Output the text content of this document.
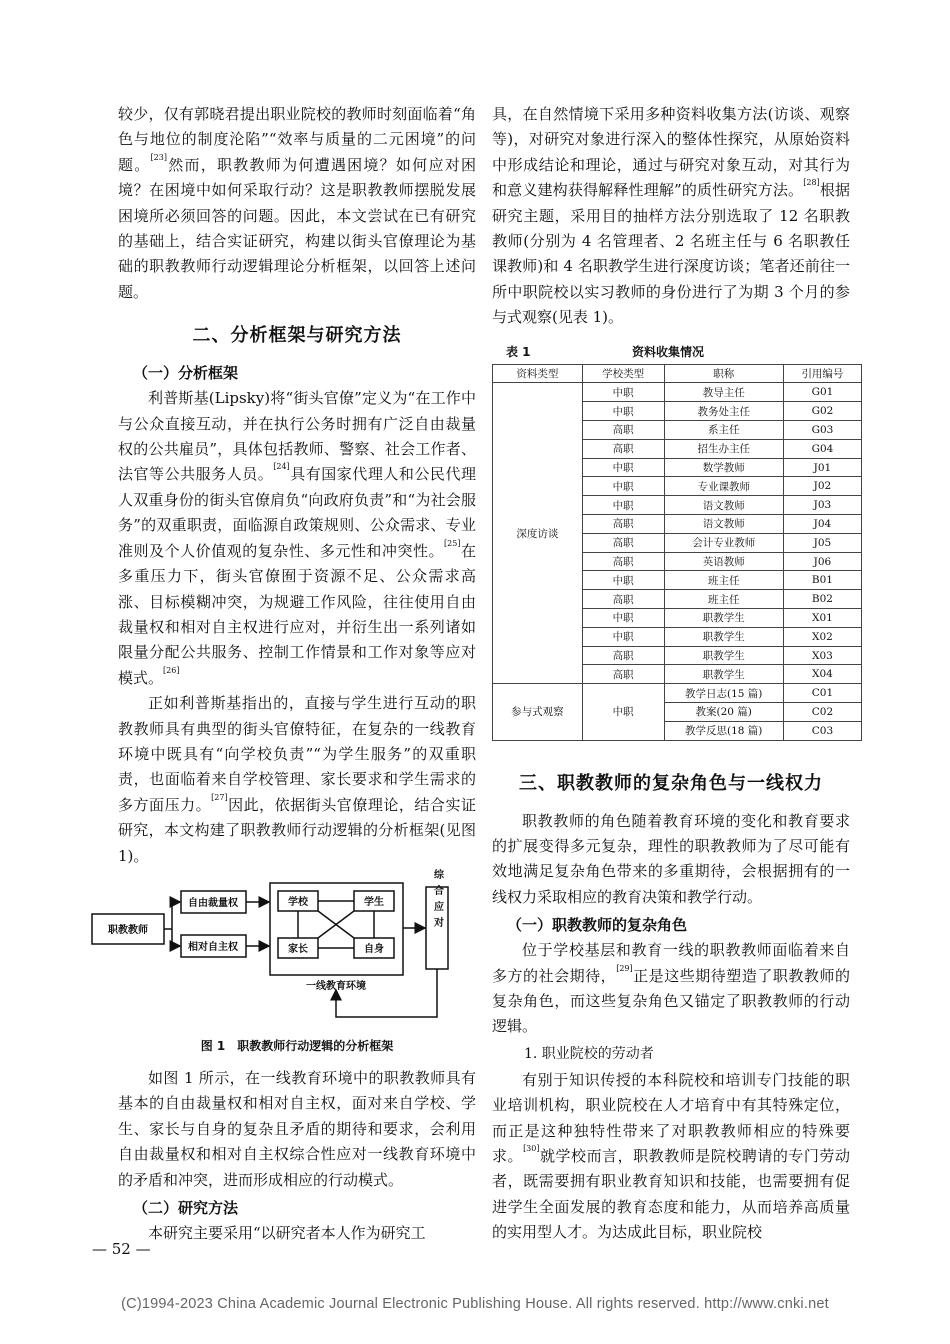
较少，仅有郭晓君提出职业院校的教师时刻面临着“角色与地位的制度沦陷”“效率与质量的二元困境”的问题。[23]然而，职教教师为何遭遇困境？如何应对困境？在困境中如何采取行动？这是职教教师摆脱发展困境所必须回答的问题。因此，本文尝试在已有研究的基础上，结合实证研究，构建以街头官僚理论为基础的职教教师行动逻辑理论分析框架，以回答上述问题。

二、分析框架与研究方法
（一）分析框架

利普斯基(Lipsky)将“街头官僚”定义为“在工作中与公众直接互动，并在执行公务时拥有广泛自由裁量权的公共雇员”，具体包括教师、警察、社会工作者、法官等公共服务人员。[24]具有国家代理人和公民代理人双重身份的街头官僚肩负“向政府负责”和“为社会服务”的双重职责，面临源自政策规则、公众需求、专业准则及个人价值观的复杂性、多元性和冲突性。[25]在多重压力下，街头官僚囿于资源不足、公众需求高涨、目标模糊冲突，为规避工作风险，往往使用自由裁量权和相对自主权进行应对，并衍生出一系列诸如限量分配公共服务、控制工作情景和工作对象等应对模式。[26]

正如利普斯基指出的，直接与学生进行互动的职教教师具有典型的街头官僚特征，在复杂的一线教育环境中既具有“向学校负责”“为学生服务”的双重职责，也面临着来自学校管理、家长要求和学生需求的多方面压力。[27]因此，依据街头官僚理论，结合实证研究，本文构建了职教教师行动逻辑的分析框架(见图1)。

职教教师
自由裁量权
相对自主权
学校	学生
家长	自身
一线教育环境
综合应对
图 1　职教教师行动逻辑的分析框架

如图 1 所示，在一线教育环境中的职教教师具有基本的自由裁量权和相对自主权，面对来自学校、学生、家长与自身的复杂且矛盾的期待和要求，会利用自由裁量权和相对自主权综合性应对一线教育环境中的矛盾和冲突，进而形成相应的行动模式。

（二）研究方法

本研究主要采用“以研究者本人作为研究工

具，在自然情境下采用多种资料收集方法(访谈、观察等)，对研究对象进行深入的整体性探究，从原始资料中形成结论和理论，通过与研究对象互动，对其行为和意义建构获得解释性理解”的质性研究方法。[28]根据研究主题，采用目的抽样方法分别选取了 12 名职教教师(分别为 4 名管理者、2 名班主任与 6 名职教任课教师)和 4 名职教学生进行深度访谈；笔者还前往一所中职院校以实习教师的身份进行了为期 3 个月的参与式观察(见表 1)。

表 1	资料收集情况
资料类型	学校类型	职称	引用编号
深度访谈	中职	教导主任	G01
	中职	教务处主任	G02
	高职	系主任	G03
	高职	招生办主任	G04
	中职	数学教师	J01
	中职	专业课教师	J02
	中职	语文教师	J03
	高职	语文教师	J04
	高职	会计专业教师	J05
	高职	英语教师	J06
	中职	班主任	B01
	高职	班主任	B02
	中职	职教学生	X01
	中职	职教学生	X02
	高职	职教学生	X03
	高职	职教学生	X04
参与式观察	中职	教学日志(15 篇)	C01
		教案(20 篇)	C02
		教学反思(18 篇)	C03
三、职教教师的复杂角色与一线权力

职教教师的角色随着教育环境的变化和教育要求的扩展变得多元复杂，理性的职教教师为了尽可能有效地满足复杂角色带来的多重期待，会根据拥有的一线权力采取相应的教育决策和教学行动。

（一）职教教师的复杂角色

位于学校基层和教育一线的职教教师面临着来自多方的社会期待，[29]正是这些期待塑造了职教教师的复杂角色，而这些复杂角色又锚定了职教教师的行动逻辑。

1. 职业院校的劳动者

有别于知识传授的本科院校和培训专门技能的职业培训机构，职业院校在人才培育中有其特殊定位，而正是这种独特性带来了对职教教师相应的特殊要求。[30]就学校而言，职教教师是院校聘请的专门劳动者，既需要拥有职业教育知识和技能，也需要拥有促进学生全面发展的教育态度和能力，从而培养高质量的实用型人才。为达成此目标，职业院校

— 52 —
(C)1994-2023 China Academic Journal Electronic Publishing House. All rights reserved. http://www.cnki.net
